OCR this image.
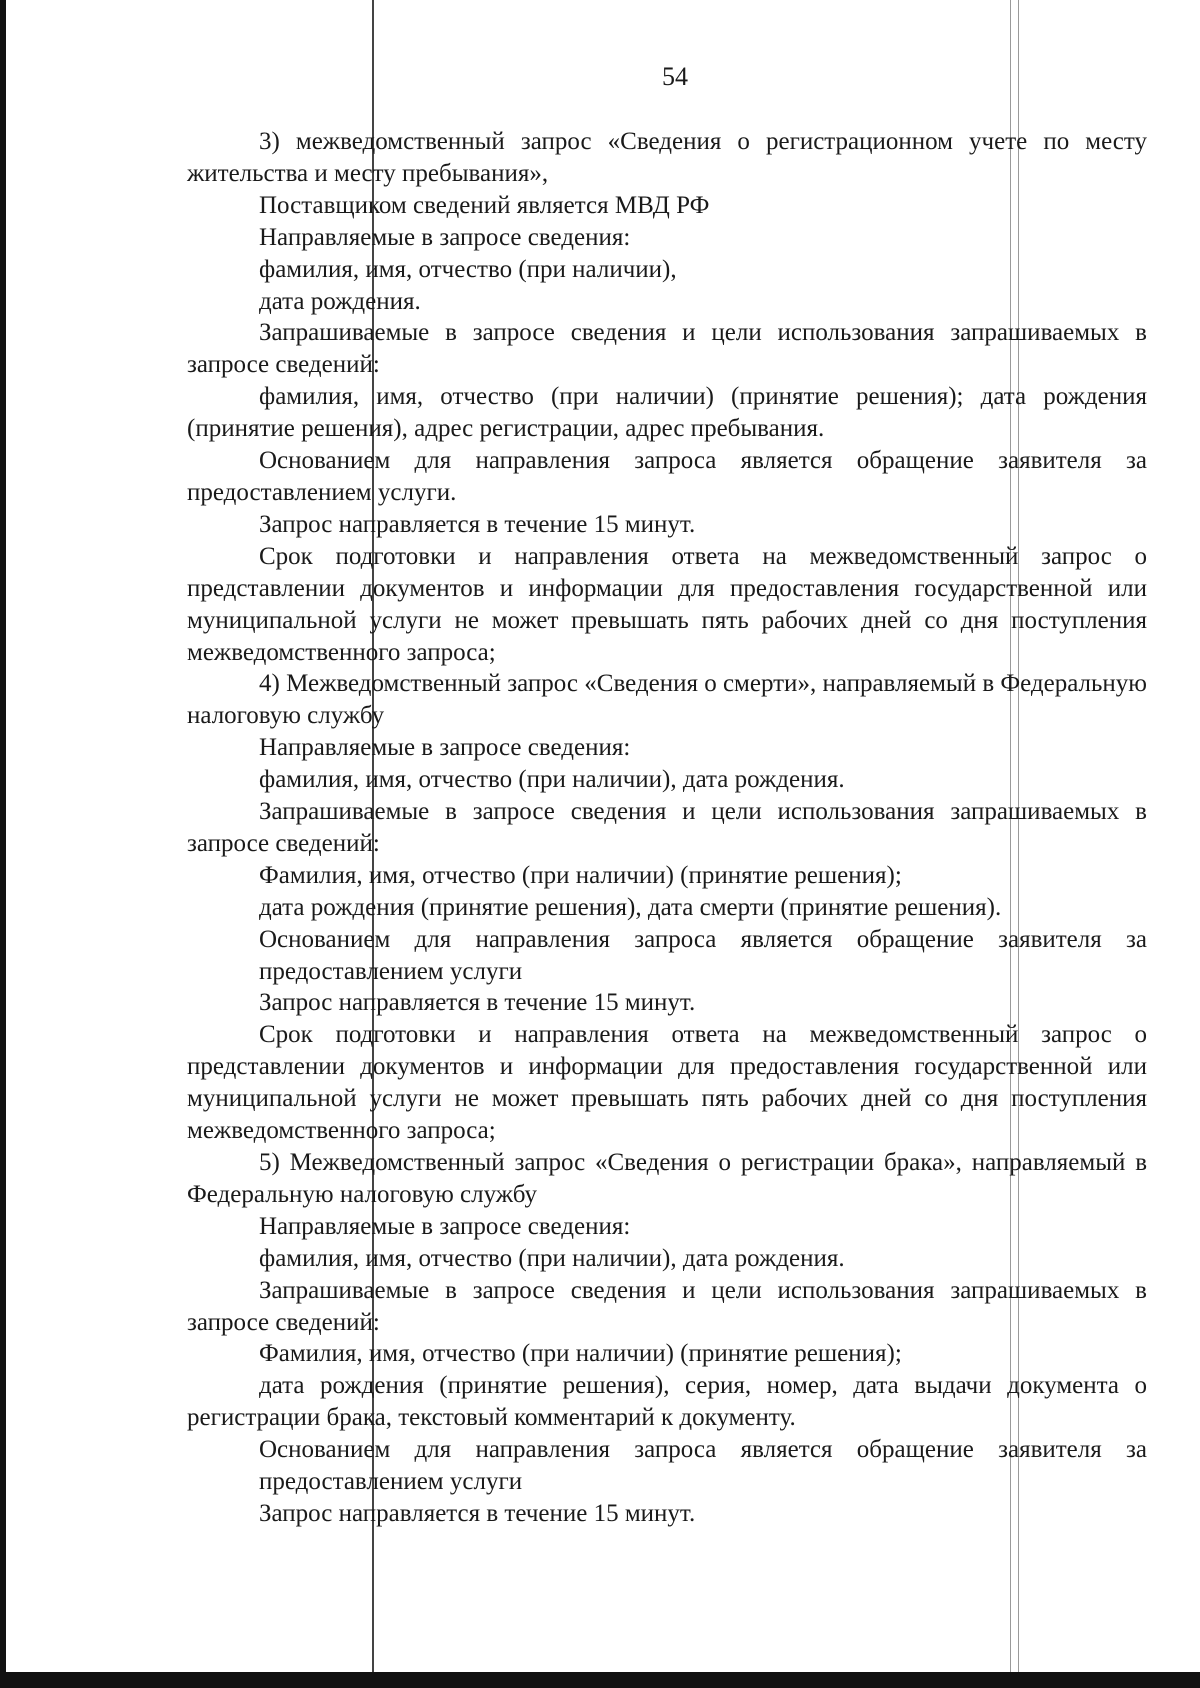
54

3) межведомственный запрос «Сведения о регистрационном учете по месту жительства и месту пребывания»,

Поставщиком сведений является МВД РФ

Направляемые в запросе сведения:

фамилия, имя, отчество (при наличии),

дата рождения.

Запрашиваемые в запросе сведения и цели использования запрашиваемых в запросе сведений:

фамилия, имя, отчество (при наличии) (принятие решения); дата рождения (принятие решения), адрес регистрации, адрес пребывания.

Основанием для направления запроса является обращение заявителя за предоставлением услуги.

Запрос направляется в течение 15 минут.

Срок подготовки и направления ответа на межведомственный запрос о представлении документов и информации для предоставления государственной или муниципальной услуги не может превышать пять рабочих дней со дня поступления межведомственного запроса;

4) Межведомственный запрос «Сведения о смерти», направляемый в Федеральную налоговую службу

Направляемые в запросе сведения:

фамилия, имя, отчество (при наличии), дата рождения.

Запрашиваемые в запросе сведения и цели использования запрашиваемых в запросе сведений:

Фамилия, имя, отчество (при наличии) (принятие решения);

дата рождения (принятие решения), дата смерти (принятие решения).

Основанием для направления запроса является обращение заявителя за предоставлением услуги

Запрос направляется в течение 15 минут.

Срок подготовки и направления ответа на межведомственный запрос о представлении документов и информации для предоставления государственной или муниципальной услуги не может превышать пять рабочих дней со дня поступления межведомственного запроса;

5) Межведомственный запрос «Сведения о регистрации брака», направляемый в Федеральную налоговую службу

Направляемые в запросе сведения:

фамилия, имя, отчество (при наличии), дата рождения.

Запрашиваемые в запросе сведения и цели использования запрашиваемых в запросе сведений:

Фамилия, имя, отчество (при наличии) (принятие решения);

дата рождения (принятие решения), серия, номер, дата выдачи документа о регистрации брака, текстовый комментарий к документу.

Основанием для направления запроса является обращение заявителя за предоставлением услуги

Запрос направляется в течение 15 минут.
